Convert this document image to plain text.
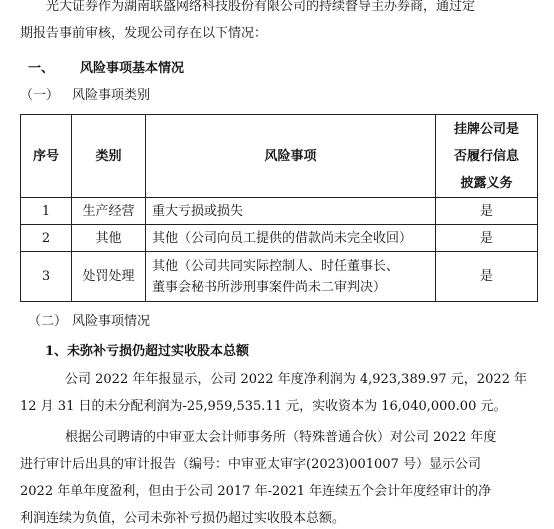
光大证券作为湖南联盛网络科技股份有限公司的持续督导主办券商，通过定
期报告事前审核，发现公司存在以下情况：
一、 风险事项基本情况
（一） 风险事项类别
序号	类别	风险事项	挂牌公司是
否履行信息
披露义务

1	生产经营	重大亏损或损失	是
2	其他	其他（公司向员工提供的借款尚未完全收回）	是
3	处罚处理	其他（公司共同实际控制人、时任董事长、
董事会秘书所涉刑事案件尚未二审判决）	是
（二） 风险事项情况
1、未弥补亏损仍超过实收股本总额
公司 2022 年年报显示，公司 2022 年度净利润为 4,923,389.97 元，2022 年
12 月 31 日的未分配利润为-25,959,535.11 元，实收资本为 16,040,000.00 元。
根据公司聘请的中审亚太会计师事务所（特殊普通合伙）对公司 2022 年度
进行审计后出具的审计报告（编号：中审亚太审字(2023)001007 号）显示公司
2022 年单年度盈利，但由于公司 2017 年-2021 年连续五个会计年度经审计的净
利润连续为负值，公司未弥补亏损仍超过实收股本总额。
